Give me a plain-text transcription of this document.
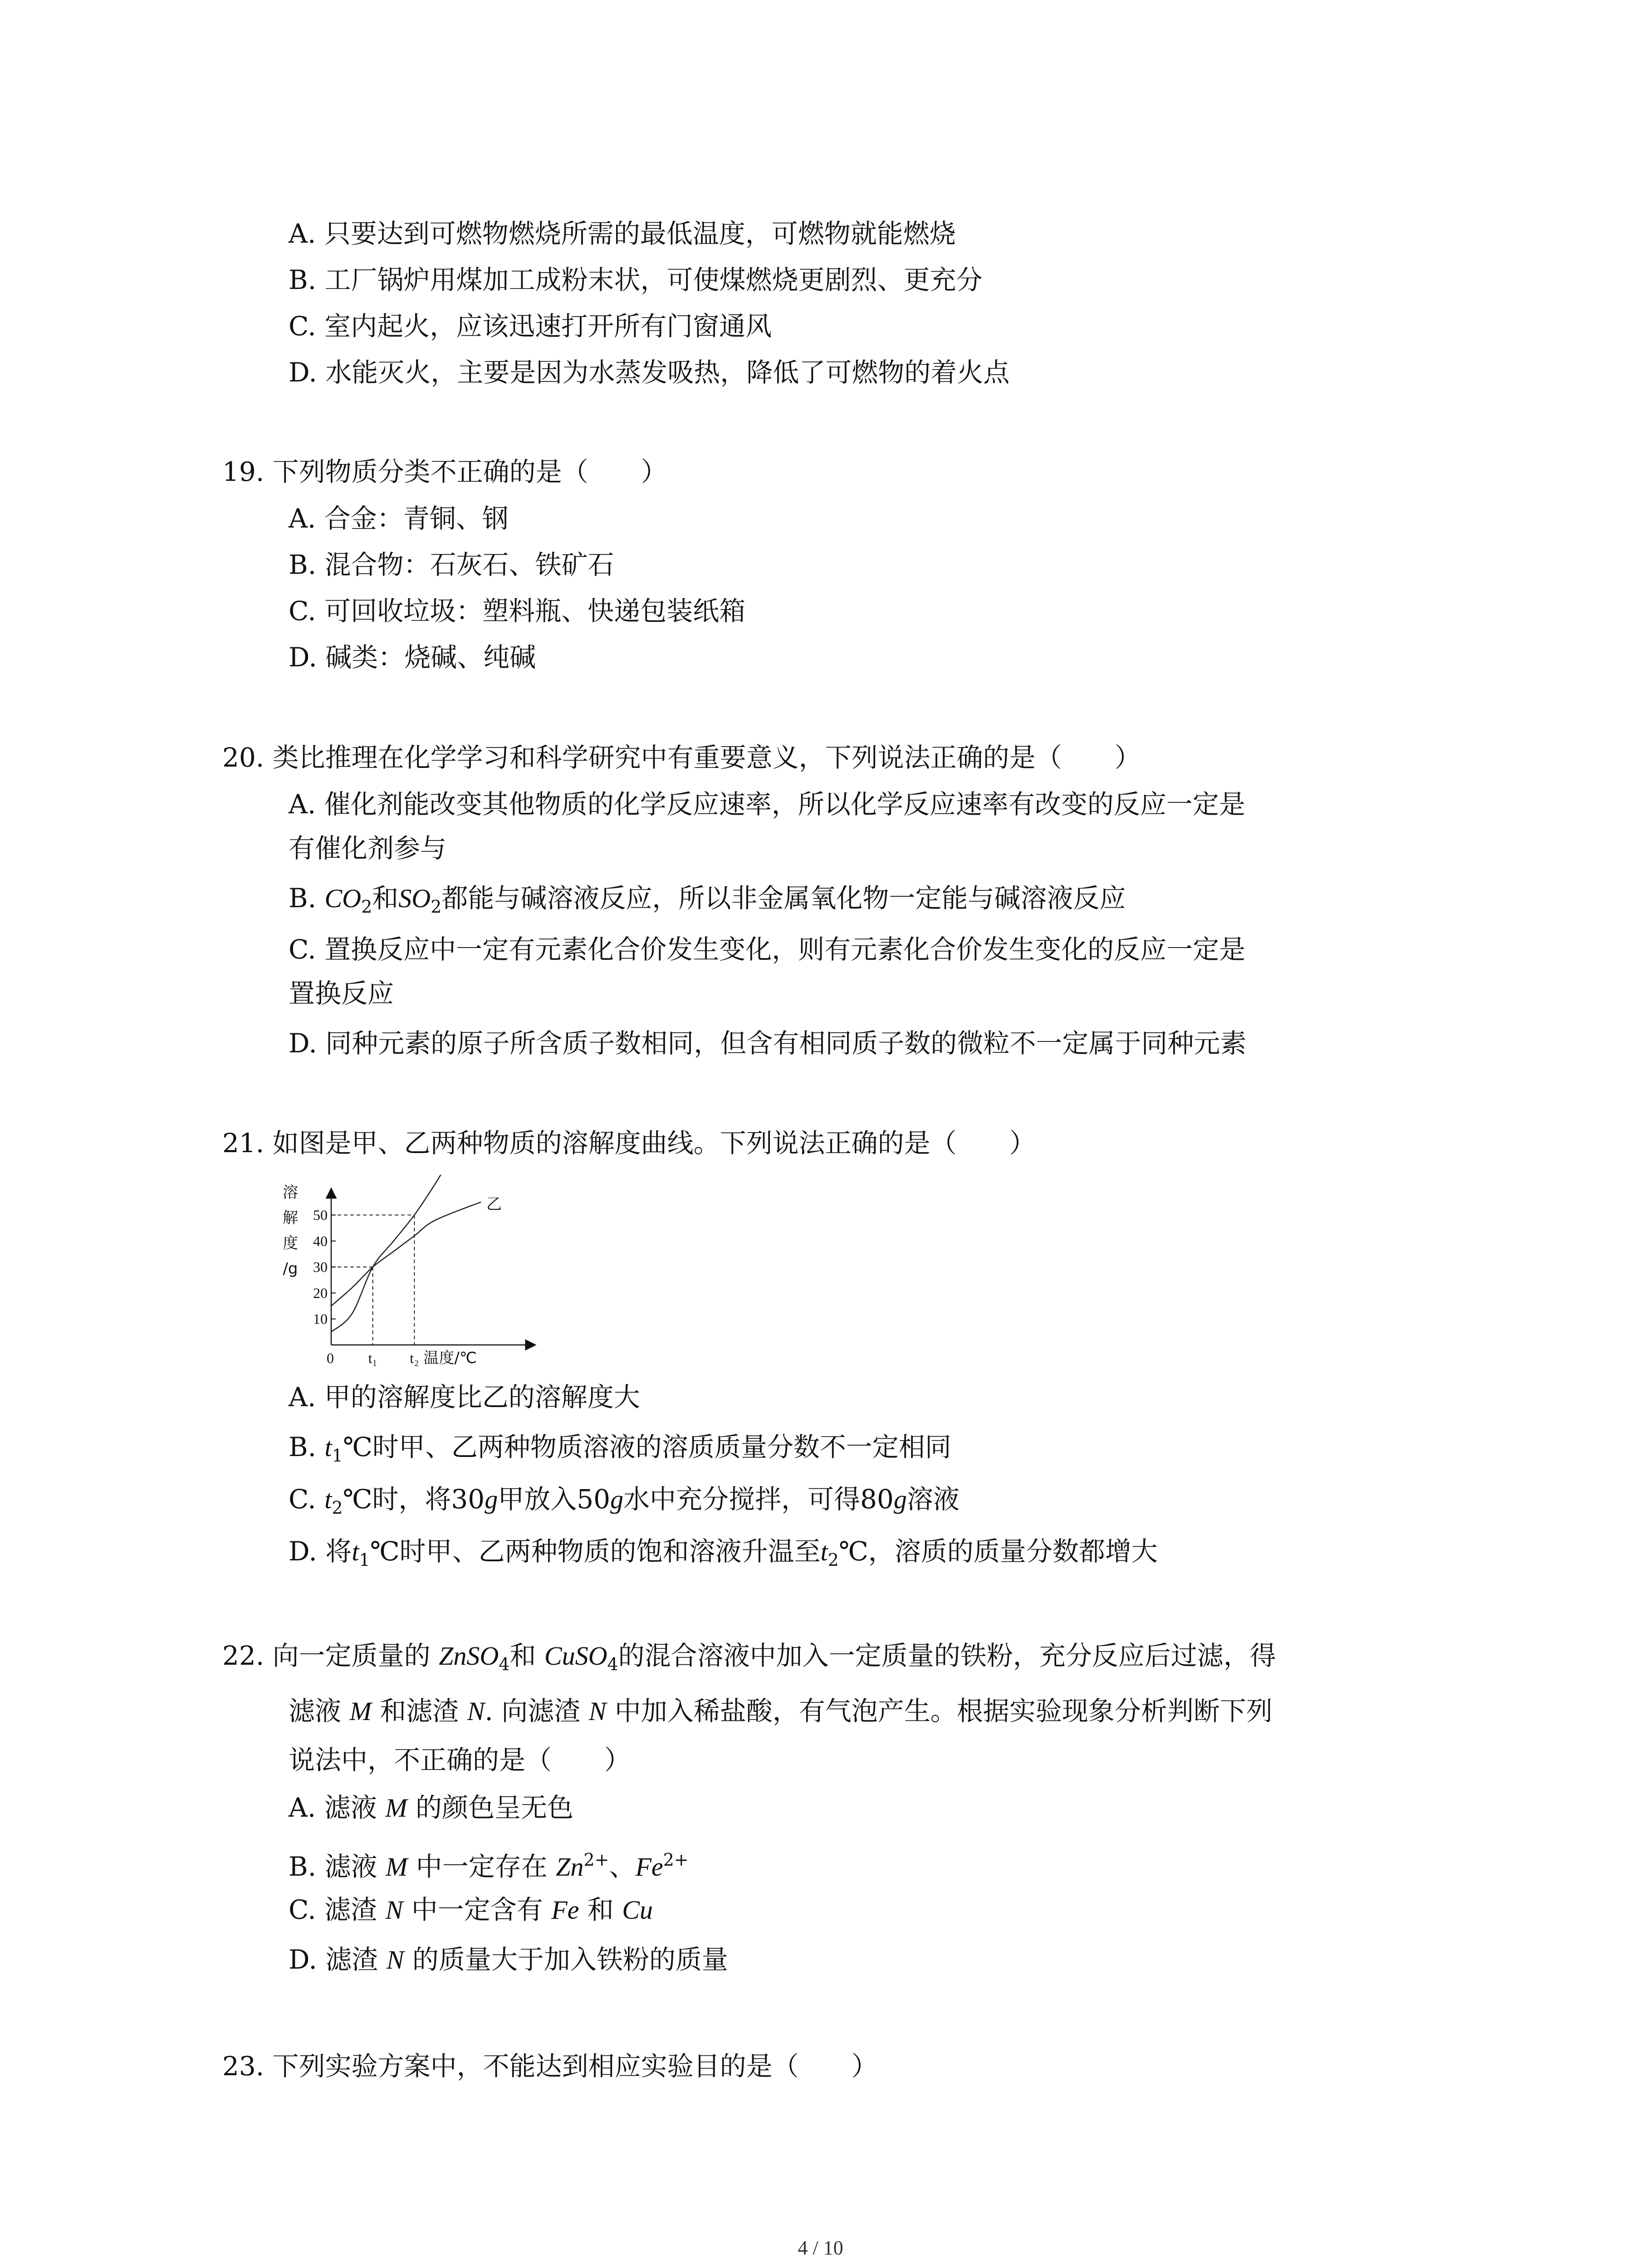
A. 只要达到可燃物燃烧所需的最低温度，可燃物就能燃烧
B. 工厂锅炉用煤加工成粉末状，可使煤燃烧更剧烈、更充分
C. 室内起火，应该迅速打开所有门窗通风
D. 水能灭火，主要是因为水蒸发吸热，降低了可燃物的着火点
19. 下列物质分类不正确的是（　　）
A. 合金：青铜、钢
B. 混合物：石灰石、铁矿石
C. 可回收垃圾：塑料瓶、快递包装纸箱
D. 碱类：烧碱、纯碱
20. 类比推理在化学学习和科学研究中有重要意义，下列说法正确的是（　　）
A. 催化剂能改变其他物质的化学反应速率，所以化学反应速率有改变的反应一定是
有催化剂参与
B. $CO_2$和$SO_2$都能与碱溶液反应，所以非金属氧化物一定能与碱溶液反应
C. 置换反应中一定有元素化合价发生变化，则有元素化合价发生变化的反应一定是
置换反应
D. 同种元素的原子所含质子数相同，但含有相同质子数的微粒不一定属于同种元素
21. 如图是甲、乙两种物质的溶解度曲线。下列说法正确的是（　　）
10
20
30
40
50
0 t₁ t₂ 温度/℃
溶
解
度
/g
乙
A. 甲的溶解度比乙的溶解度大
B. $t_1℃$时甲、乙两种物质溶液的溶质质量分数不一定相同
C. $t_2℃$时，将30g甲放入50g水中充分搅拌，可得80g溶液
D. 将$t_1℃$时甲、乙两种物质的饱和溶液升温至$t_2℃$，溶质的质量分数都增大
22. 向一定质量的 ZnSO$_4$和 CuSO$_4$的混合溶液中加入一定质量的铁粉，充分反应后过滤，得
滤液 M 和滤渣 N. 向滤渣 N 中加入稀盐酸，有气泡产生。根据实验现象分析判断下列
说法中，不正确的是（　　）
A. 滤液 M 的颜色呈无色
B. 滤液 M 中一定存在 $Zn^{2+}$、$Fe^{2+}$
C. 滤渣 N 中一定含有 Fe 和 Cu
D. 滤渣 N 的质量大于加入铁粉的质量
23. 下列实验方案中，不能达到相应实验目的是（　　）
4 / 10
